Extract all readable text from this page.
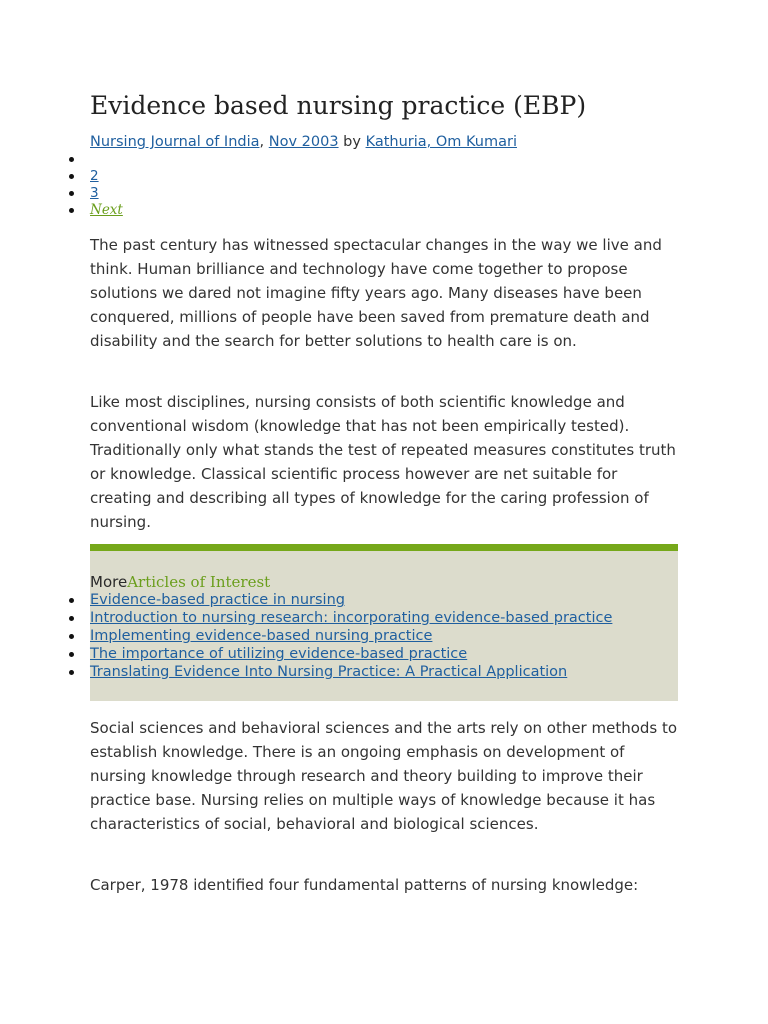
Evidence based nursing practice (EBP)
Nursing Journal of India, Nov 2003 by Kathuria, Om Kumari
2
3
Next

The past century has witnessed spectacular changes in the way we live and think. Human brilliance and technology have come together to propose solutions we dared not imagine fifty years ago. Many diseases have been conquered, millions of people have been saved from premature death and disability and the search for better solutions to health care is on.

Like most disciplines, nursing consists of both scientific knowledge and conventional wisdom (knowledge that has not been empirically tested). Traditionally only what stands the test of repeated measures constitutes truth or knowledge. Classical scientific process however are net suitable for creating and describing all types of knowledge for the caring profession of nursing.

MoreArticles of Interest
Evidence-based practice in nursing
Introduction to nursing research: incorporating evidence-based practice
Implementing evidence-based nursing practice
The importance of utilizing evidence-based practice
Translating Evidence Into Nursing Practice: A Practical Application

Social sciences and behavioral sciences and the arts rely on other methods to establish knowledge. There is an ongoing emphasis on development of nursing knowledge through research and theory building to improve their practice base. Nursing relies on multiple ways of knowledge because it has characteristics of social, behavioral and biological sciences.

Carper, 1978 identified four fundamental patterns of nursing knowledge:
